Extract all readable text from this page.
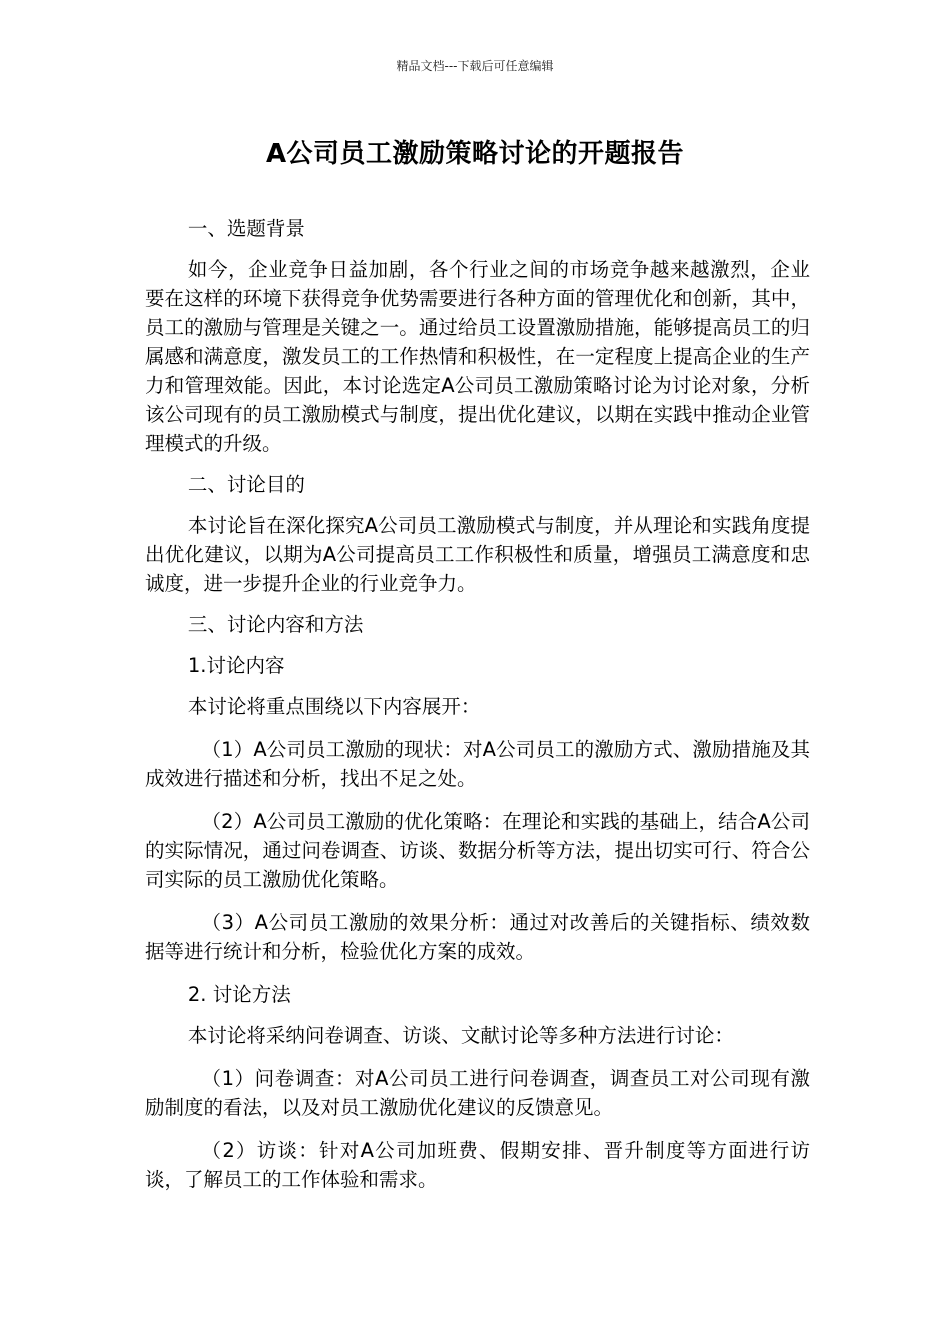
精品文档---下载后可任意编辑
A公司员工激励策略讨论的开题报告

一、选题背景

如今，企业竞争日益加剧，各个行业之间的市场竞争越来越激烈，企业要在这样的环境下获得竞争优势需要进行各种方面的管理优化和创新，其中，员工的激励与管理是关键之一。通过给员工设置激励措施，能够提高员工的归属感和满意度，激发员工的工作热情和积极性，在一定程度上提高企业的生产力和管理效能。因此，本讨论选定A公司员工激励策略讨论为讨论对象，分析该公司现有的员工激励模式与制度，提出优化建议，以期在实践中推动企业管理模式的升级。

二、讨论目的

本讨论旨在深化探究A公司员工激励模式与制度，并从理论和实践角度提出优化建议，以期为A公司提高员工工作积极性和质量，增强员工满意度和忠诚度，进一步提升企业的行业竞争力。

三、讨论内容和方法

1.讨论内容

本讨论将重点围绕以下内容展开：

（1）A公司员工激励的现状：对A公司员工的激励方式、激励措施及其成效进行描述和分析，找出不足之处。

（2）A公司员工激励的优化策略：在理论和实践的基础上，结合A公司的实际情况，通过问卷调查、访谈、数据分析等方法，提出切实可行、符合公司实际的员工激励优化策略。

（3）A公司员工激励的效果分析：通过对改善后的关键指标、绩效数据等进行统计和分析，检验优化方案的成效。

2. 讨论方法

本讨论将采纳问卷调查、访谈、文献讨论等多种方法进行讨论：

（1）问卷调查：对A公司员工进行问卷调查，调查员工对公司现有激励制度的看法，以及对员工激励优化建议的反馈意见。

（2）访谈：针对A公司加班费、假期安排、晋升制度等方面进行访谈，了解员工的工作体验和需求。
